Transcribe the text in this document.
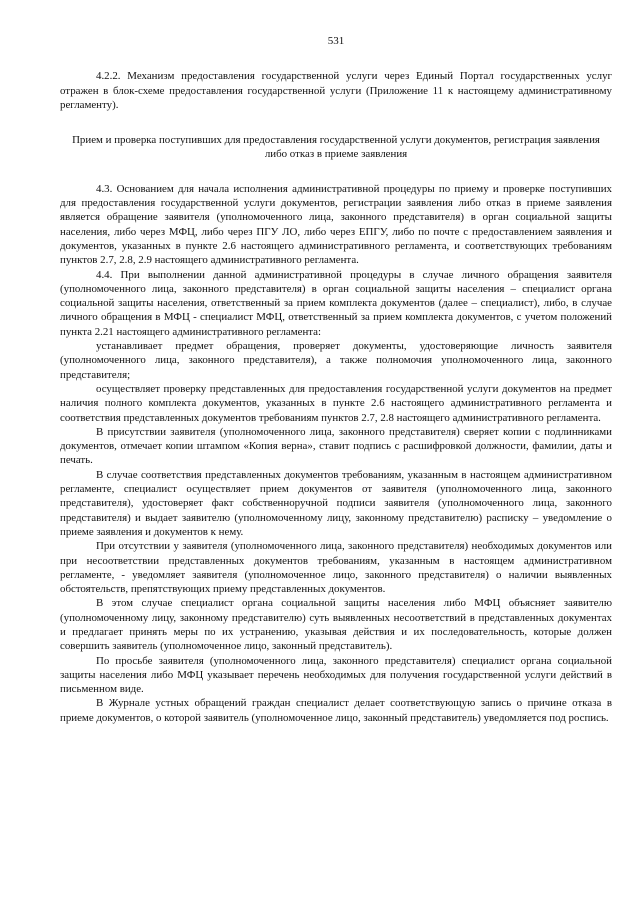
531

4.2.2. Механизм предоставления государственной услуги через Единый Портал государственных услуг отражен в блок-схеме предоставления государственной услуги (Приложение 11 к настоящему административному регламенту).

Прием и проверка поступивших для предоставления государственной услуги документов, регистрация заявления либо отказ в приеме заявления

4.3. Основанием для начала исполнения административной процедуры по приему и проверке поступивших для предоставления государственной услуги документов, регистрации заявления либо отказ в приеме заявления является обращение заявителя (уполномоченного лица, законного представителя) в орган социальной защиты населения, либо через МФЦ, либо через ПГУ ЛО, либо через ЕПГУ, либо по почте с предоставлением заявления и документов, указанных в пункте 2.6 настоящего административного регламента, и соответствующих требованиям пунктов 2.7, 2.8, 2.9 настоящего административного регламента.

4.4. При выполнении данной административной процедуры в случае личного обращения заявителя (уполномоченного лица, законного представителя) в орган социальной защиты населения – специалист органа социальной защиты населения, ответственный за прием комплекта документов (далее – специалист), либо, в случае личного обращения в МФЦ - специалист МФЦ, ответственный за прием комплекта документов, с учетом положений пункта 2.21 настоящего административного регламента:

устанавливает предмет обращения, проверяет документы, удостоверяющие личность заявителя (уполномоченного лица, законного представителя), а также полномочия уполномоченного лица, законного представителя;

осуществляет проверку представленных для предоставления государственной услуги документов на предмет наличия полного комплекта документов, указанных в пункте 2.6 настоящего административного регламента и соответствия представленных документов требованиям пунктов 2.7, 2.8 настоящего административного регламента.

В присутствии заявителя (уполномоченного лица, законного представителя) сверяет копии с подлинниками документов, отмечает копии штампом «Копия верна», ставит подпись с расшифровкой должности, фамилии, даты и печать.

В случае соответствия представленных документов требованиям, указанным в настоящем административном регламенте, специалист осуществляет прием документов от заявителя (уполномоченного лица, законного представителя), удостоверяет факт собственноручной подписи заявителя (уполномоченного лица, законного представителя) и выдает заявителю (уполномоченному лицу, законному представителю) расписку – уведомление о приеме заявления и документов к нему.

При отсутствии у заявителя (уполномоченного лица, законного представителя) необходимых документов или при несоответствии представленных документов требованиям, указанным в настоящем административном регламенте, - уведомляет заявителя (уполномоченное лицо, законного представителя) о наличии выявленных обстоятельств, препятствующих приему представленных документов.

В этом случае специалист органа социальной защиты населения либо МФЦ объясняет заявителю (уполномоченному лицу, законному представителю) суть выявленных несоответствий в представленных документах и предлагает принять меры по их устранению, указывая действия и их последовательность, которые должен совершить заявитель (уполномоченное лицо, законный представитель).

По просьбе заявителя (уполномоченного лица, законного представителя) специалист органа социальной защиты населения либо МФЦ указывает перечень необходимых для получения государственной услуги действий в письменном виде.

В Журнале устных обращений граждан специалист делает соответствующую запись о причине отказа в приеме документов, о которой заявитель (уполномоченное лицо, законный представитель) уведомляется под роспись.
